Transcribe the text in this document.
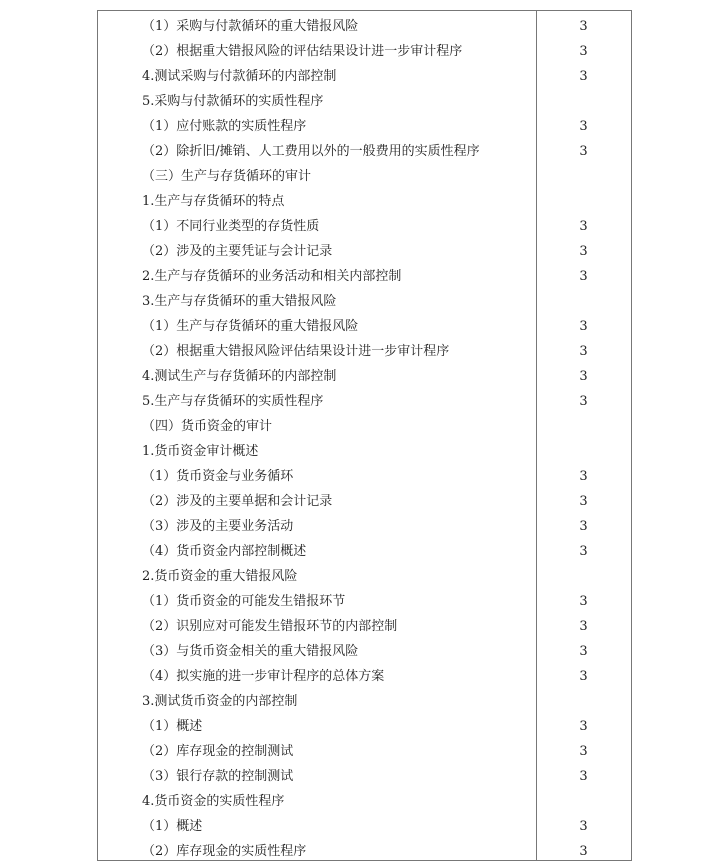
（1）采购与付款循环的重大错报风险	3
（2）根据重大错报风险的评估结果设计进一步审计程序	3
4.测试采购与付款循环的内部控制	3
5.采购与付款循环的实质性程序
（1）应付账款的实质性程序	3
（2）除折旧/摊销、人工费用以外的一般费用的实质性程序	3
（三）生产与存货循环的审计
1.生产与存货循环的特点
（1）不同行业类型的存货性质	3
（2）涉及的主要凭证与会计记录	3
2.生产与存货循环的业务活动和相关内部控制	3
3.生产与存货循环的重大错报风险
（1）生产与存货循环的重大错报风险	3
（2）根据重大错报风险评估结果设计进一步审计程序	3
4.测试生产与存货循环的内部控制	3
5.生产与存货循环的实质性程序	3
（四）货币资金的审计
1.货币资金审计概述
（1）货币资金与业务循环	3
（2）涉及的主要单据和会计记录	3
（3）涉及的主要业务活动	3
（4）货币资金内部控制概述	3
2.货币资金的重大错报风险
（1）货币资金的可能发生错报环节	3
（2）识别应对可能发生错报环节的内部控制	3
（3）与货币资金相关的重大错报风险	3
（4）拟实施的进一步审计程序的总体方案	3
3.测试货币资金的内部控制
（1）概述	3
（2）库存现金的控制测试	3
（3）银行存款的控制测试	3
4.货币资金的实质性程序
（1）概述	3
（2）库存现金的实质性程序	3
